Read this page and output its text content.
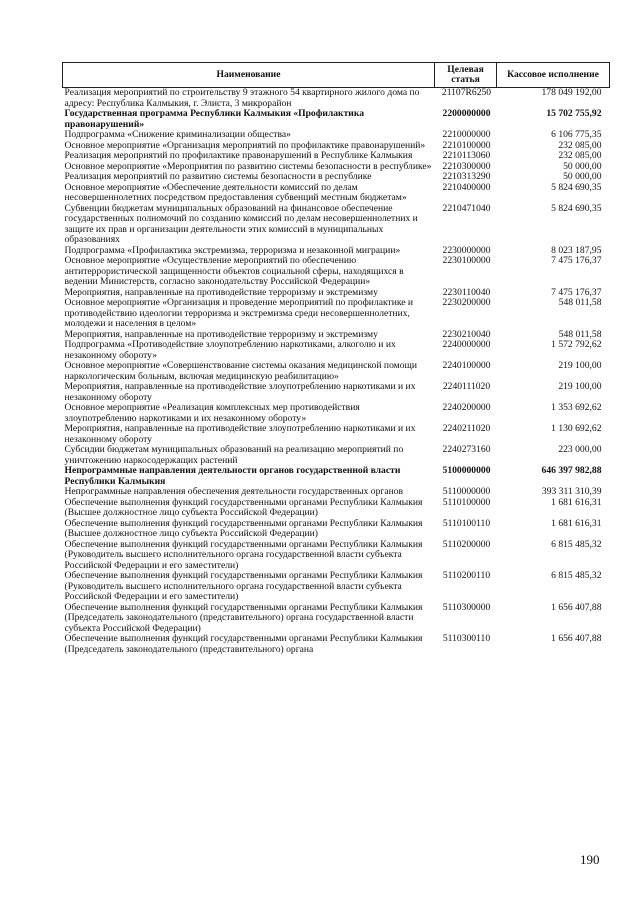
Наименование	Целевая статья	Кассовое исполнение
Реализация мероприятий по строительству 9 этажного 54 квартирного жилого дома по адресу: Республика Калмыкия, г. Элиста, 3 микрорайон	21107R6250	178 049 192,00
Государственная программа Республики Калмыкия «Профилактика правонарушений»	2200000000	15 702 755,92
Подпрограмма «Снижение криминализации общества»	2210000000	6 106 775,35
Основное мероприятие «Организация мероприятий по профилактике правонарушений»	2210100000	232 085,00
Реализация мероприятий по профилактике правонарушений в Республике Калмыкия	2210113060	232 085,00
Основное мероприятие «Мероприятия по развитию системы безопасности в республике»	2210300000	50 000,00
Реализация мероприятий по развитию системы безопасности в республике	2210313290	50 000,00
Основное мероприятие «Обеспечение деятельности комиссий по делам несовершеннолетних посредством предоставления субвенций местным бюджетам»	2210400000	5 824 690,35
Субвенции бюджетам муниципальных образований на финансовое обеспечение государственных полномочий по созданию комиссий по делам несовершеннолетних и защите их прав и организации деятельности этих комиссий в муниципальных образованиях	2210471040	5 824 690,35
Подпрограмма «Профилактика экстремизма, терроризма и незаконной миграции»	2230000000	8 023 187,95
Основное мероприятие «Осуществление мероприятий по обеспечению антитеррористической защищенности объектов социальной сферы, находящихся в ведении Министерств, согласно законодательству Российской Федерации»	2230100000	7 475 176,37
Мероприятия, направленные на противодействие терроризму и экстремизму	2230110040	7 475 176,37
Основное мероприятие «Организация и проведение мероприятий по профилактике и противодействию идеологии терроризма и экстремизма среди несовершеннолетних, молодежи и населения в целом»	2230200000	548 011,58
Мероприятия, направленные на противодействие терроризму и экстремизму	2230210040	548 011,58
Подпрограмма «Противодействие злоупотреблению наркотиками, алкоголю и их незаконному обороту»	2240000000	1 572 792,62
Основное мероприятие «Совершенствование системы оказания медицинской помощи наркологическим больным, включая медицинскую реабилитацию»	2240100000	219 100,00
Мероприятия, направленные на противодействие злоупотреблению наркотиками и их незаконному обороту	2240111020	219 100,00
Основное мероприятие «Реализация комплексных мер противодействия злоупотреблению наркотиками и их незаконному обороту»	2240200000	1 353 692,62
Мероприятия, направленные на противодействие злоупотреблению наркотиками и их незаконному обороту	2240211020	1 130 692,62
Субсидии бюджетам муниципальных образований на реализацию мероприятий по уничтожению наркосодержащих растений	2240273160	223 000,00
Непрограммные направления деятельности органов государственной власти Республики Калмыкия	5100000000	646 397 982,88
Непрограммные направления обеспечения деятельности государственных органов	5110000000	393 311 310,39
Обеспечение выполнения функций государственными органами Республики Калмыкия (Высшее должностное лицо субъекта Российской Федерации)	5110100000	1 681 616,31
Обеспечение выполнения функций государственными органами Республики Калмыкия (Высшее должностное лицо субъекта Российской Федерации)	5110100110	1 681 616,31
Обеспечение выполнения функций государственными органами Республики Калмыкия (Руководитель высшего исполнительного органа государственной власти субъекта Российской Федерации и его заместители)	5110200000	6 815 485,32
Обеспечение выполнения функций государственными органами Республики Калмыкия (Руководитель высшего исполнительного органа государственной власти субъекта Российской Федерации и его заместители)	5110200110	6 815 485,32
Обеспечение выполнения функций государственными органами Республики Калмыкия (Председатель законодательного (представительного) органа государственной власти субъекта Российской Федерации)	5110300000	1 656 407,88
Обеспечение выполнения функций государственными органами Республики Калмыкия (Председатель законодательного (представительного) органа	5110300110	1 656 407,88
190
